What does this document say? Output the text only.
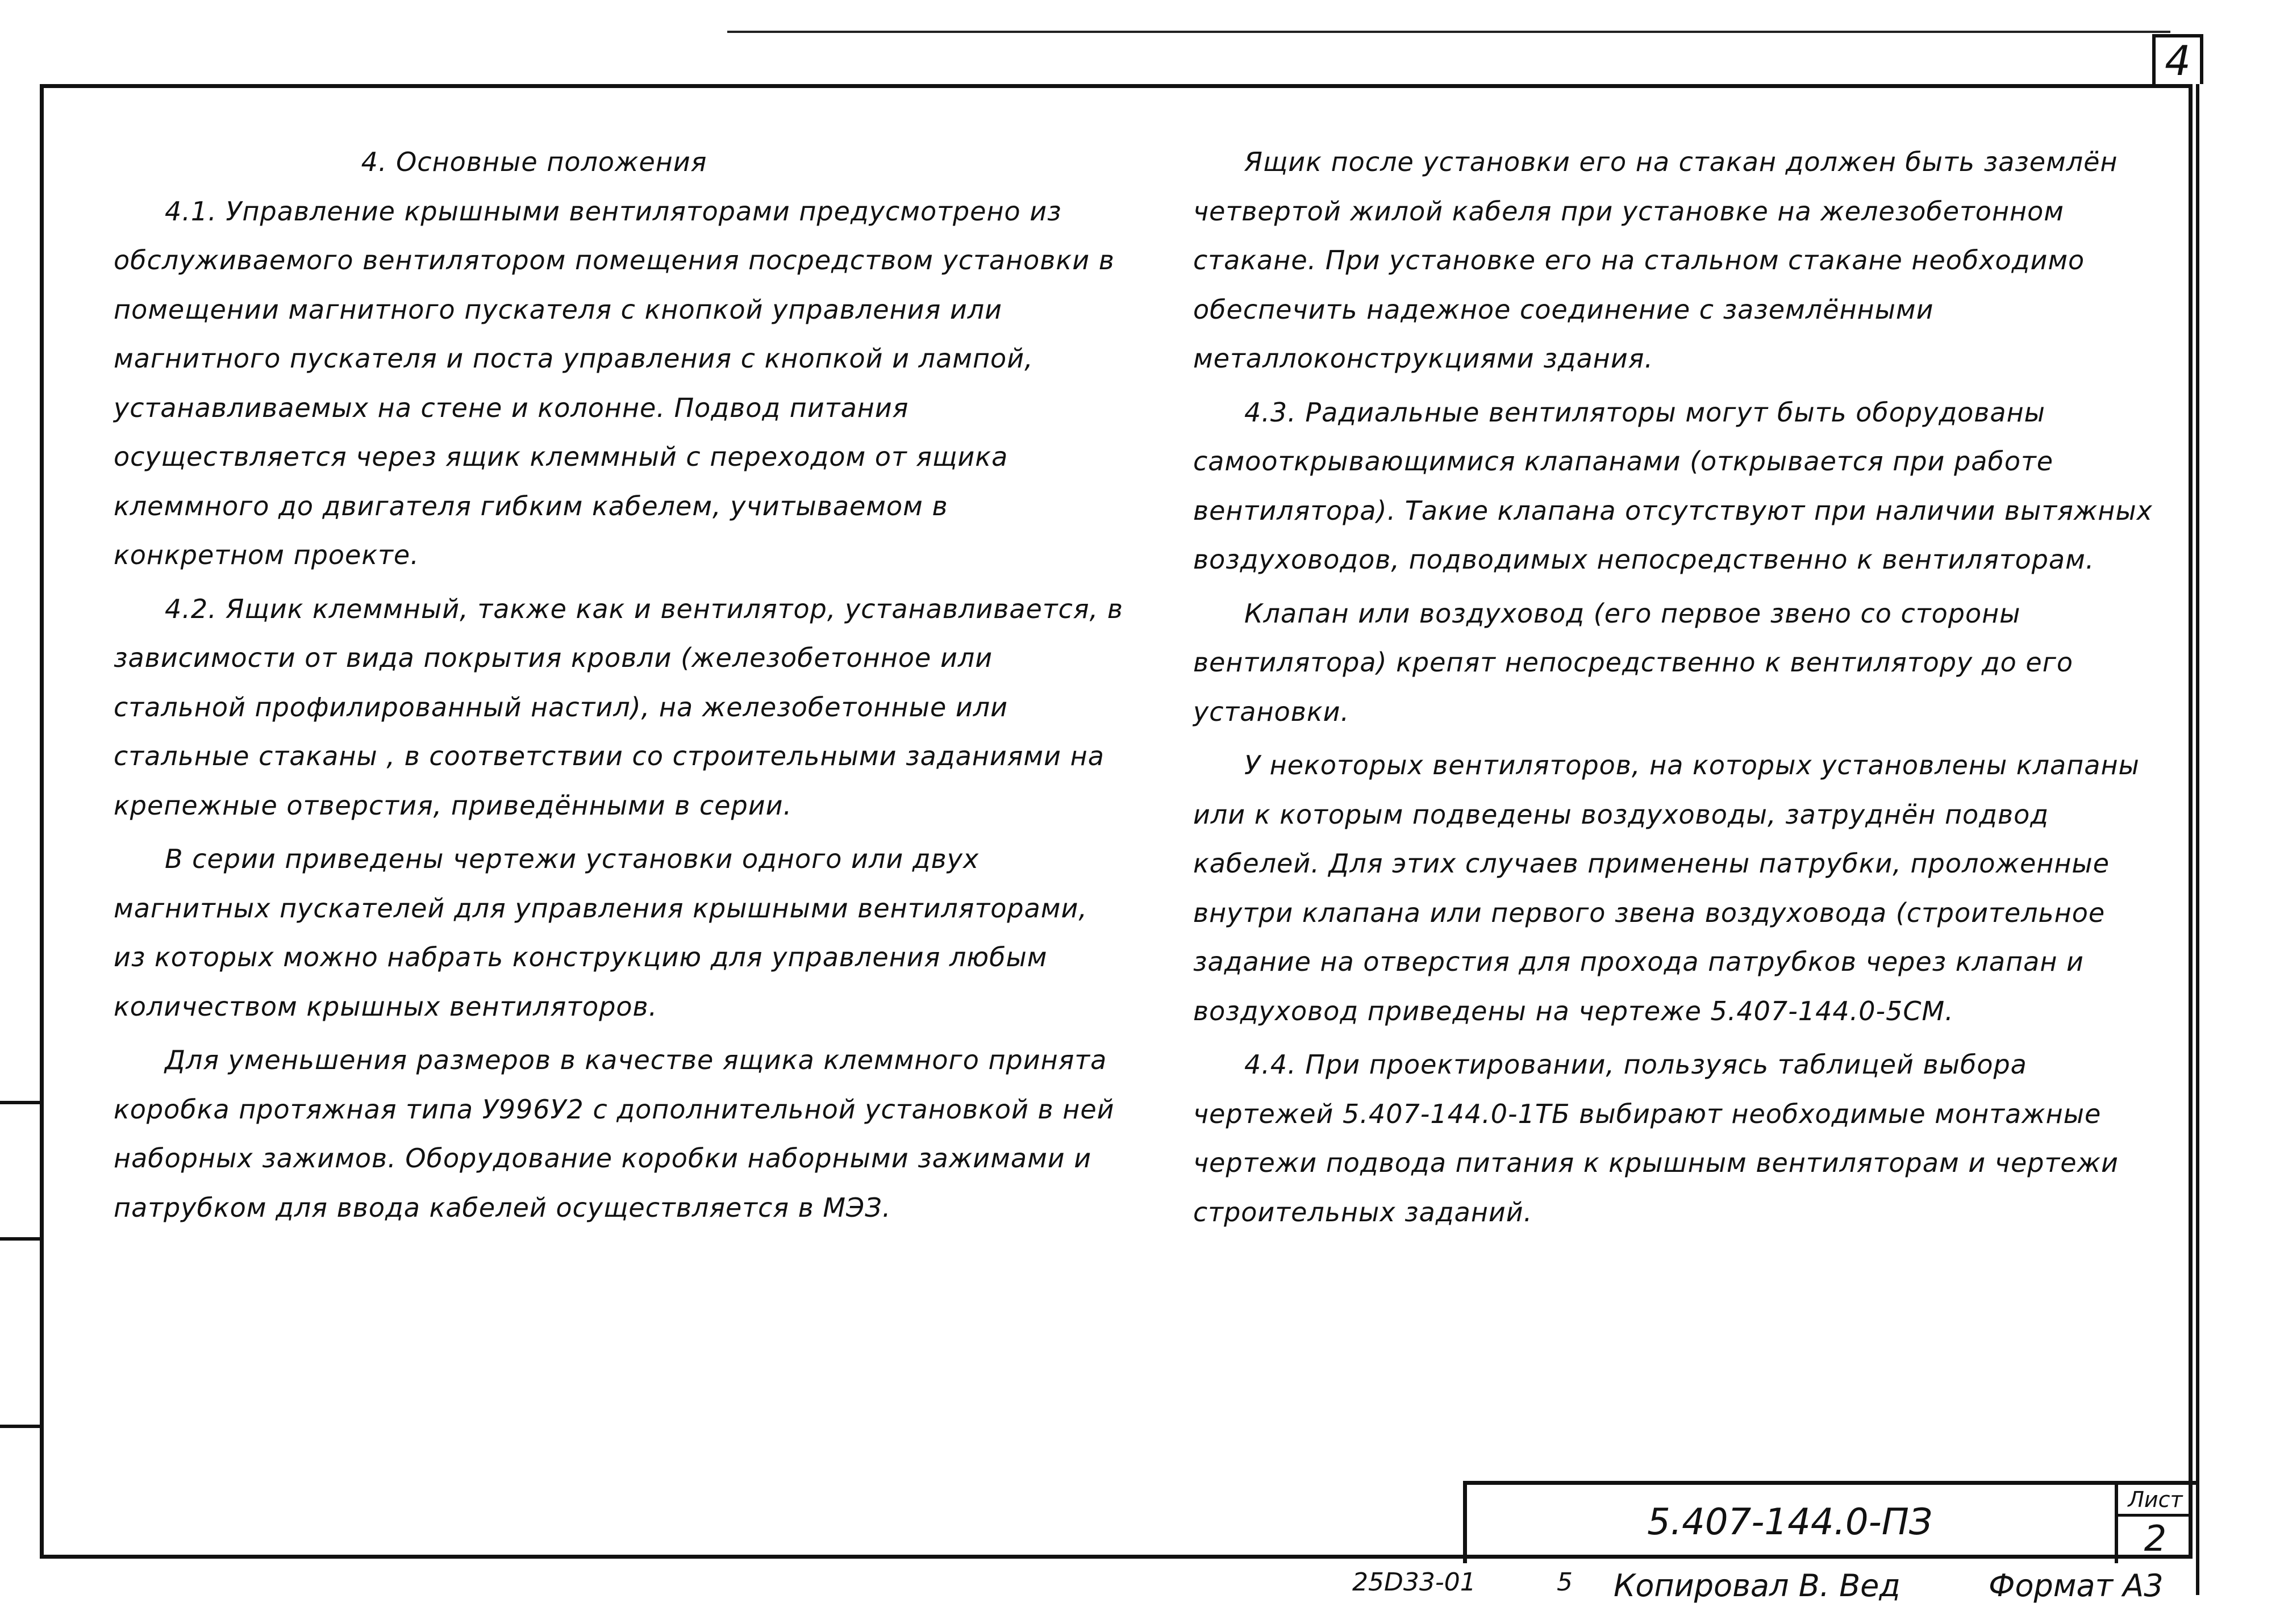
4
4. Основные положения

4.1. Управление крышными вентиляторами предусмотрено из обслуживаемого вентилятором помещения посредством установки в помещении магнитного пускателя с кнопкой управления или магнитного пускателя и поста управления с кнопкой и лампой, устанавливаемых на стене и колонне. Подвод питания осуществляется через ящик клеммный с переходом от ящика клеммного до двигателя гибким кабелем, учитываемом в конкретном проекте.

4.2. Ящик клеммный, также как и вентилятор, устанавливается, в зависимости от вида покрытия кровли (железобетонное или стальной профилированный настил), на железобетонные или стальные стаканы , в соответствии со строительными заданиями на крепежные отверстия, приведёнными в серии.

В серии приведены чертежи установки одного или двух магнитных пускателей для управления крышными вентиляторами, из которых можно набрать конструкцию для управления любым количеством крышных вентиляторов.

Для уменьшения размеров в качестве ящика клеммного принята коробка протяжная типа У996У2 с дополнительной установкой в ней наборных зажимов. Оборудование коробки наборными зажимами и патрубком для ввода кабелей осуществляется в МЭЗ.

Ящик после установки его на стакан должен быть заземлён четвертой жилой кабеля при установке на железобетонном стакане. При установке его на стальном стакане необходимо обеспечить надежное соединение с заземлёнными металлоконструкциями здания.

4.3. Радиальные вентиляторы могут быть оборудованы самооткрывающимися клапанами (открывается при работе вентилятора). Такие клапана отсутствуют при наличии вытяжных воздуховодов, подводимых непосредственно к вентиляторам.

Клапан или воздуховод (его первое звено со стороны вентилятора) крепят непосредственно к вентилятору до его установки.

У некоторых вентиляторов, на которых установлены клапаны или к которым подведены воздуховоды, затруднён подвод кабелей. Для этих случаев применены патрубки, проложенные внутри клапана или первого звена воздуховода (строительное задание на отверстия для прохода патрубков через клапан и воздуховод приведены на чертеже 5.407-144.0-5СМ.

4.4. При проектировании, пользуясь таблицей выбора чертежей 5.407-144.0-1ТБ выбирают необходимые монтажные чертежи подвода питания к крышным вентиляторам и чертежи строительных заданий.

5.407-144.0-ПЗ
Лист
2
25D33-01	5 Копировал В. Вед	Формат А3
